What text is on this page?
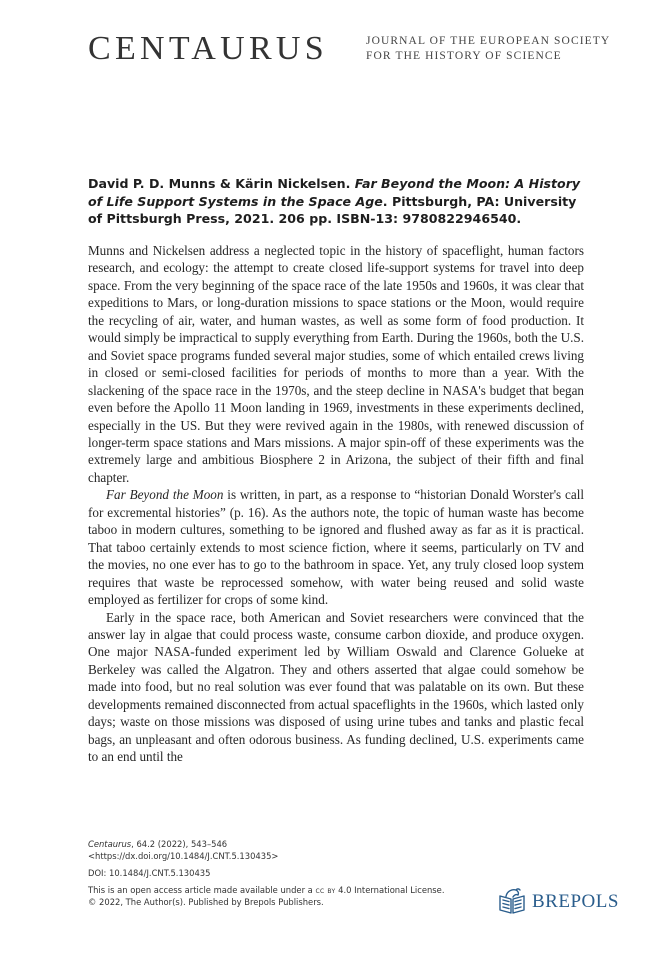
CENTAURUS	JOURNAL OF THE EUROPEAN SOCIETY
FOR THE HISTORY OF SCIENCE
David P. D. Munns & Kärin Nickelsen. Far Beyond the Moon: A History of Life Support Systems in the Space Age. Pittsburgh, PA: University of Pittsburgh Press, 2021. 206 pp. ISBN-13: 9780822946540.

Munns and Nickelsen address a neglected topic in the history of spaceflight, human factors research, and ecology: the attempt to create closed life-support systems for travel into deep space. From the very beginning of the space race of the late 1950s and 1960s, it was clear that expeditions to Mars, or long-duration missions to space stations or the Moon, would require the recycling of air, water, and human wastes, as well as some form of food production. It would simply be impractical to supply everything from Earth. During the 1960s, both the U.S. and Soviet space programs funded several major studies, some of which entailed crews living in closed or semi-closed facilities for periods of months to more than a year. With the slackening of the space race in the 1970s, and the steep decline in NASA's budget that began even before the Apollo 11 Moon landing in 1969, investments in these experiments declined, especially in the US. But they were revived again in the 1980s, with renewed discussion of longer-term space stations and Mars missions. A major spin-off of these experiments was the extremely large and ambitious Biosphere 2 in Arizona, the subject of their fifth and final chapter.

Far Beyond the Moon is written, in part, as a response to “historian Donald Worster's call for excremental histories” (p. 16). As the authors note, the topic of human waste has become taboo in modern cultures, something to be ignored and flushed away as far as it is practical. That taboo certainly extends to most science fiction, where it seems, particularly on TV and the movies, no one ever has to go to the bathroom in space. Yet, any truly closed loop system requires that waste be reprocessed somehow, with water being reused and solid waste employed as fertilizer for crops of some kind.

Early in the space race, both American and Soviet researchers were convinced that the answer lay in algae that could process waste, consume carbon dioxide, and produce oxygen. One major NASA-funded experiment led by William Oswald and Clarence Golueke at Berkeley was called the Algatron. They and others asserted that algae could somehow be made into food, but no real solution was ever found that was palatable on its own. But these developments remained disconnected from actual spaceflights in the 1960s, which lasted only days; waste on those missions was disposed of using urine tubes and tanks and plastic fecal bags, an unpleasant and often odorous business. As funding declined, U.S. experiments came to an end until the

Centaurus, 64.2 (2022), 543–546
<https://dx.doi.org/10.1484/J.CNT.5.130435>
DOI: 10.1484/J.CNT.5.130435
This is an open access article made available under a cc by 4.0 International License.
© 2022, The Author(s). Published by Brepols Publishers.	BREPOLS
